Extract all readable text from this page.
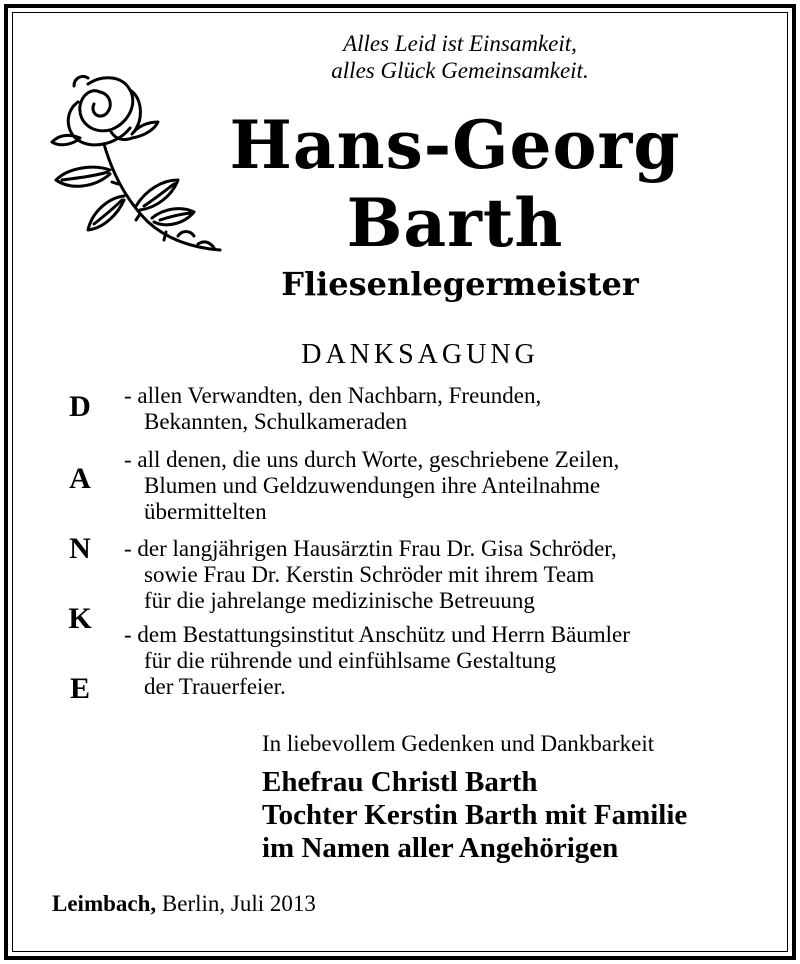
Alles Leid ist Einsamkeit,
alles Glück Gemeinsamkeit.
Hans-Georg
Barth
Fliesenlegermeister
DANKSAGUNG
D
A
N
K
E
- allen Verwandten, den Nachbarn, Freunden,
Bekannten, Schulkameraden
- all denen, die uns durch Worte, geschriebene Zeilen,
Blumen und Geldzuwendungen ihre Anteilnahme
übermittelten
- der langjährigen Hausärztin Frau Dr. Gisa Schröder,
sowie Frau Dr. Kerstin Schröder mit ihrem Team
für die jahrelange medizinische Betreuung
- dem Bestattungsinstitut Anschütz und Herrn Bäumler
für die rührende und einfühlsame Gestaltung
der Trauerfeier.
In liebevollem Gedenken und Dankbarkeit
Ehefrau Christl Barth
Tochter Kerstin Barth mit Familie
im Namen aller Angehörigen
Leimbach, Berlin, Juli 2013
